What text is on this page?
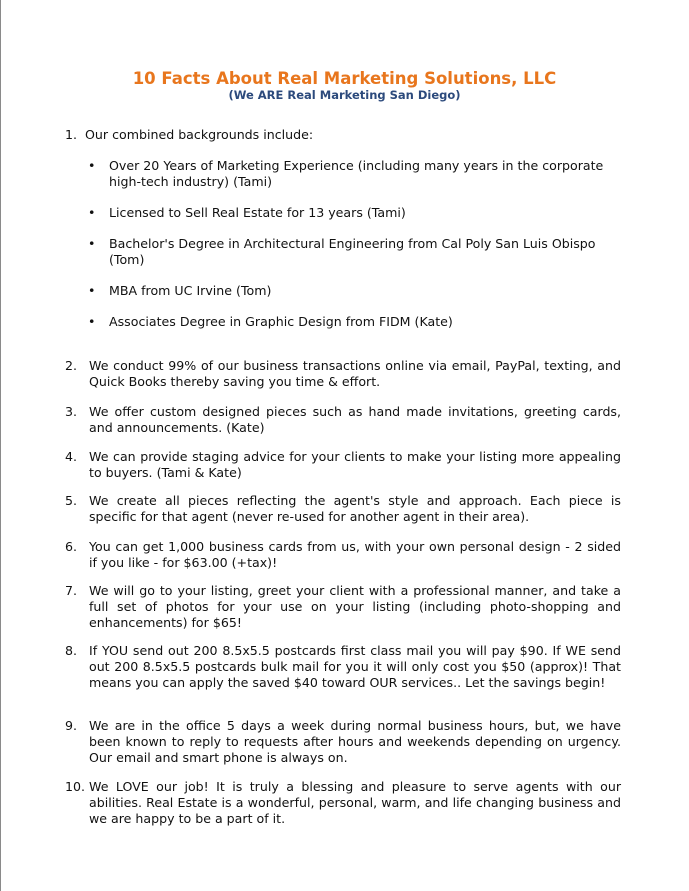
10 Facts About Real Marketing Solutions, LLC
(We ARE Real Marketing San Diego)
1. Our combined backgrounds include:
• Over 20 Years of Marketing Experience (including many years in the corporate high-tech industry) (Tami)
• Licensed to Sell Real Estate for 13 years (Tami)
• Bachelor's Degree in Architectural Engineering from Cal Poly San Luis Obispo (Tom)
• MBA from UC Irvine (Tom)
• Associates Degree in Graphic Design from FIDM (Kate)
2. We conduct 99% of our business transactions online via email, PayPal, texting, and Quick Books thereby saving you time & effort.
3. We offer custom designed pieces such as hand made invitations, greeting cards, and announcements. (Kate)
4. We can provide staging advice for your clients to make your listing more appealing to buyers. (Tami & Kate)
5. We create all pieces reflecting the agent's style and approach. Each piece is specific for that agent (never re-used for another agent in their area).
6. You can get 1,000 business cards from us, with your own personal design - 2 sided if you like - for $63.00 (+tax)!
7. We will go to your listing, greet your client with a professional manner, and take a full set of photos for your use on your listing (including photo-shopping and enhancements) for $65!
8. If YOU send out 200 8.5x5.5 postcards first class mail you will pay $90. If WE send out 200 8.5x5.5 postcards bulk mail for you it will only cost you $50 (approx)! That means you can apply the saved $40 toward OUR services.. Let the savings begin!
9. We are in the office 5 days a week during normal business hours, but, we have been known to reply to requests after hours and weekends depending on urgency. Our email and smart phone is always on.
10. We LOVE our job! It is truly a blessing and pleasure to serve agents with our abilities. Real Estate is a wonderful, personal, warm, and life changing business and we are happy to be a part of it.
